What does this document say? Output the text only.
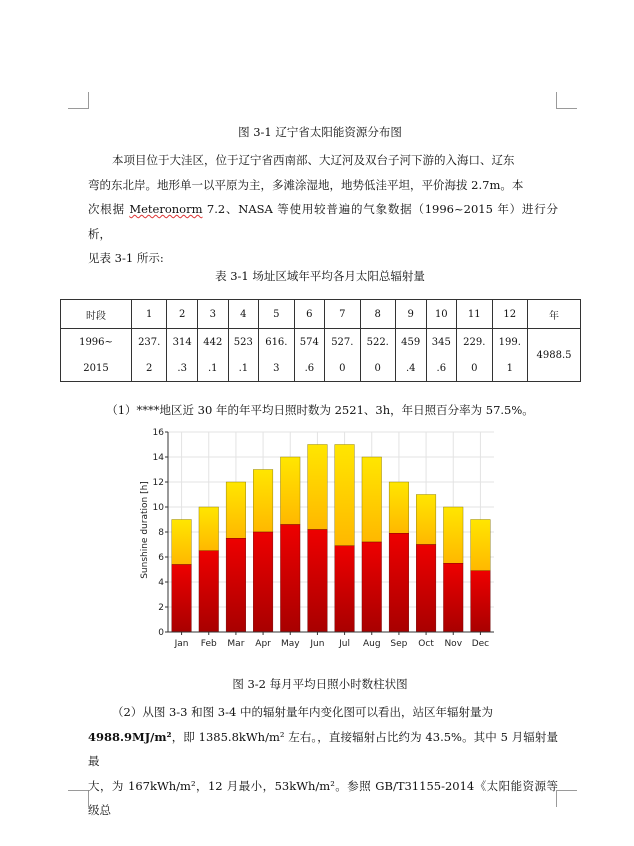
图 3-1 辽宁省太阳能资源分布图
本项目位于大洼区，位于辽宁省西南部、大辽河及双台子河下游的入海口、辽东
弯的东北岸。地形单一以平原为主，多滩涂湿地，地势低洼平坦，平价海拔 2.7m。本
次根据 Meteronorm 7.2、NASA 等使用较普遍的气象数据（1996~2015 年）进行分析，
见表 3-1 所示:
表 3-1 场址区域年平均各月太阳总辐射量
时段	1	2	3	4	5	6	7	8	9	10	11	12	年
1996~	237.	314	442	523	616.	574	527.	522.	459	345	229.	199.	4988.5
2015	2	.3	.1	.1	3	.6	0	0	.4	.6	0	1	
（1）****地区近 30 年的年平均日照时数为 2521、3h，年日照百分率为 57.5%。
0
2
4
6
8
10
12
14
16
Jan Feb Mar Apr May Jun Jul Aug Sep Oct Nov Dec
Sunshine duration [h]
图 3-2 每月平均日照小时数柱状图
（2）从图 3-3 和图 3-4 中的辐射量年内变化图可以看出，站区年辐射量为
4988.9MJ/m²，即 1385.8kWh/m² 左右。，直接辐射占比约为 43.5%。其中 5 月辐射量最
大，为 167kWh/m²，12 月最小，53kWh/m²。参照 GB/T31155-2014《太阳能资源等级总
